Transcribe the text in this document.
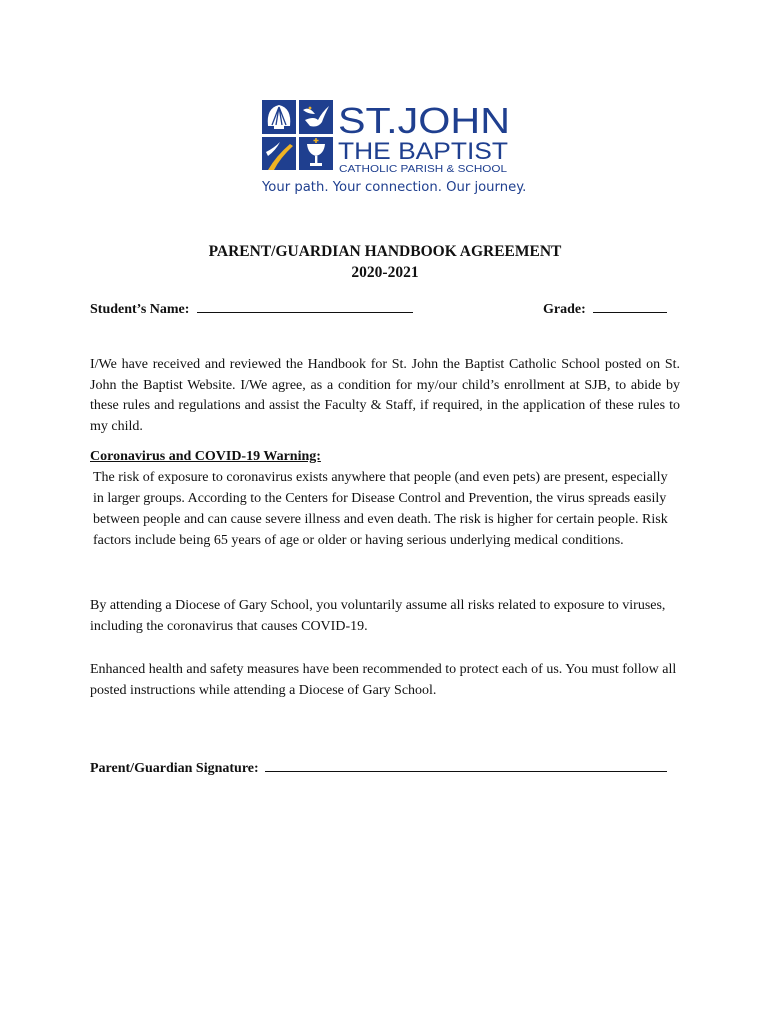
ST.JOHN
THE BAPTIST
CATHOLIC PARISH & SCHOOL
Your path. Your connection. Our journey.
PARENT/GUARDIAN HANDBOOK AGREEMENT
2020-2021
Student’s Name:	Grade:
I/We have received and reviewed the Handbook for St. John the Baptist Catholic School posted on St. John the Baptist Website. I/We agree, as a condition for my/our child’s enrollment at SJB, to abide by these rules and regulations and assist the Faculty & Staff, if required, in the application of these rules to my child.
Coronavirus and COVID-19 Warning:
The risk of exposure to coronavirus exists anywhere that people (and even pets) are present, especially in larger groups. According to the Centers for Disease Control and Prevention, the virus spreads easily between people and can cause severe illness and even death. The risk is higher for certain people. Risk factors include being 65 years of age or older or having serious underlying medical conditions.
By attending a Diocese of Gary School, you voluntarily assume all risks related to exposure to viruses, including the coronavirus that causes COVID-19.
Enhanced health and safety measures have been recommended to protect each of us. You must follow all posted instructions while attending a Diocese of Gary School.
Parent/Guardian Signature:
